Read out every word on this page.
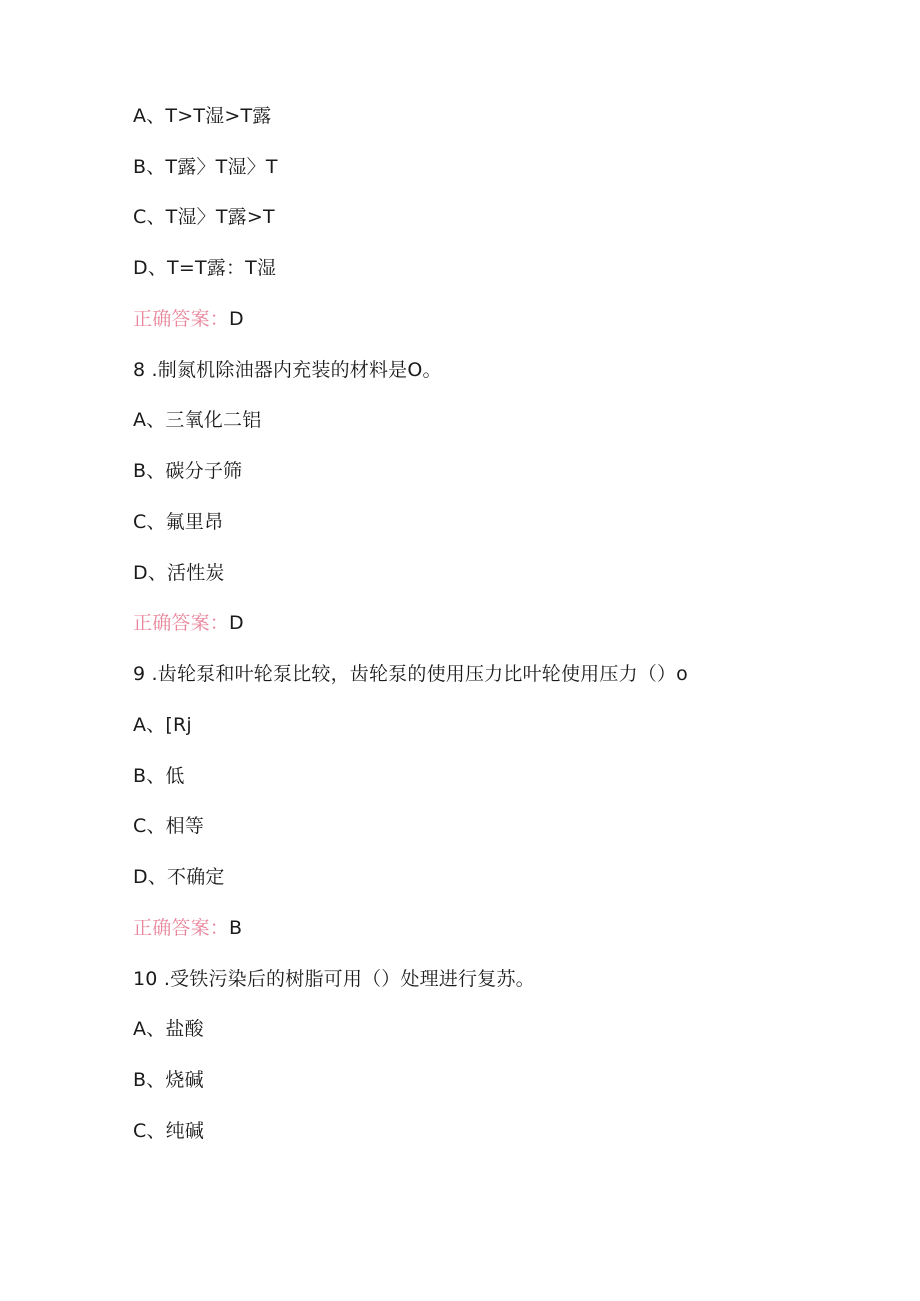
A、T>T湿>T露
B、T露〉T湿〉T
C、T湿〉T露>T
D、T=T露：T湿
正确答案：D
8 .制氮机除油器内充装的材料是O。
A、三氧化二铝
B、碳分子筛
C、氟里昂
D、活性炭
正确答案：D
9 .齿轮泵和叶轮泵比较，齿轮泵的使用压力比叶轮使用压力（）o
A、[Rj
B、低
C、相等
D、不确定
正确答案：B
10 .受铁污染后的树脂可用（）处理进行复苏。
A、盐酸
B、烧碱
C、纯碱
